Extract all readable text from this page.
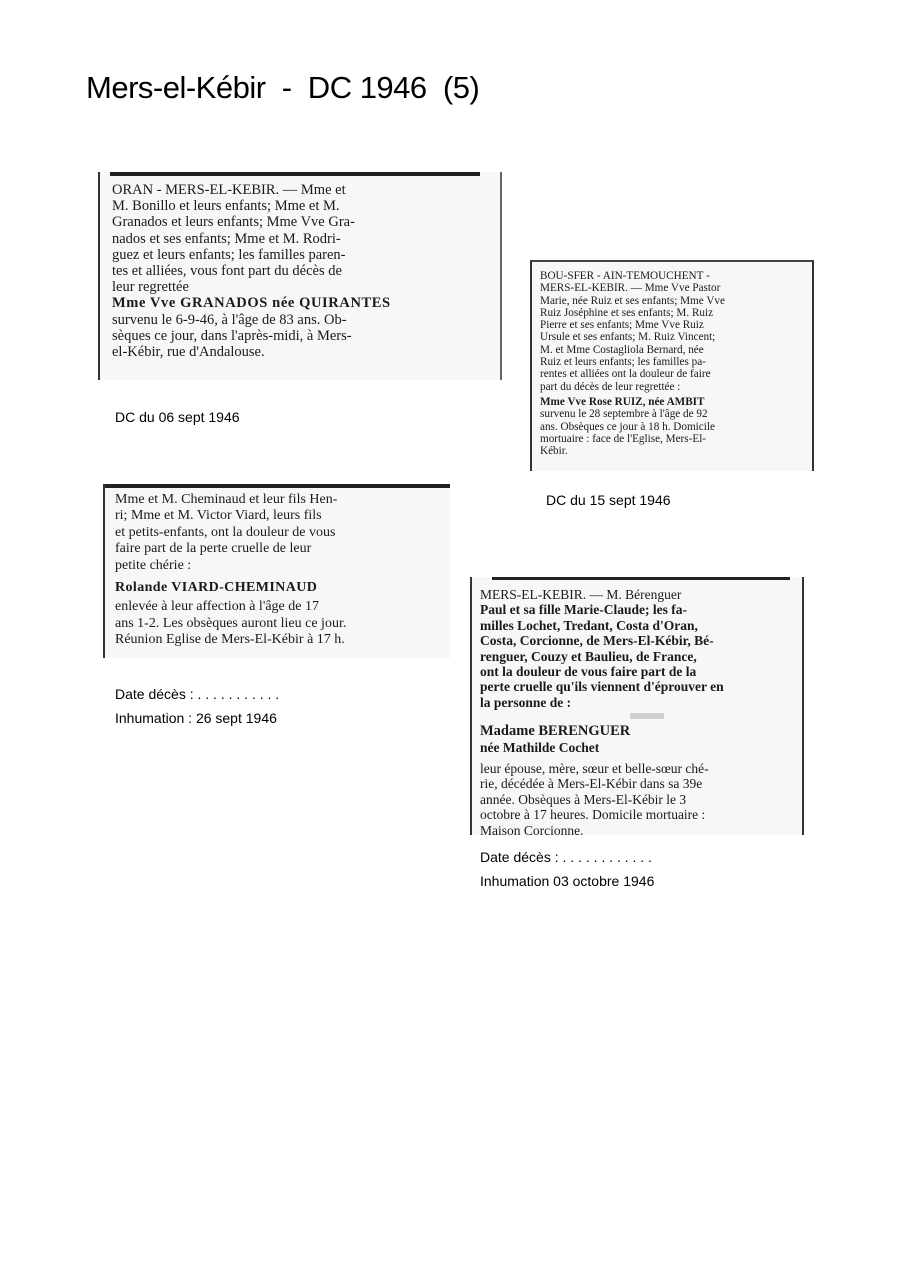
Mers-el-Kébir  -  DC 1946  (5)
ORAN - MERS-EL-KEBIR. — Mme et
M. Bonillo et leurs enfants; Mme et M.
Granados et leurs enfants; Mme Vve Gra-
nados et ses enfants; Mme et M. Rodri-
guez et leurs enfants; les familles paren-
tes et alliées, vous font part du décès de
leur regrettée
Mme Vve GRANADOS née QUIRANTES
survenu le 6-9-46, à l'âge de 83 ans. Ob-
sèques ce jour, dans l'après-midi, à Mers-
el-Kébir, rue d'Andalouse.
DC du 06 sept 1946
BOU-SFER - AIN-TEMOUCHENT -
MERS-EL-KEBIR. — Mme Vve Pastor
Marie, née Ruiz et ses enfants; Mme Vve
Ruiz Joséphine et ses enfants; M. Ruiz
Pierre et ses enfants; Mme Vve Ruiz
Ursule et ses enfants; M. Ruiz Vincent;
M. et Mme Costagliola Bernard, née
Ruiz et leurs enfants; les familles pa-
rentes et alliées ont la douleur de faire
part du décès de leur regrettée :
Mme Vve Rose RUIZ, née AMBIT
survenu le 28 septembre à l'âge de 92
ans. Obsèques ce jour à 18 h. Domicile
mortuaire : face de l'Eglise, Mers-El-
Kébir.
DC du 15 sept 1946
Mme et M. Cheminaud et leur fils Hen-
ri; Mme et M. Victor Viard, leurs fils
et petits-enfants, ont la douleur de vous
faire part de la perte cruelle de leur
petite chérie :
Rolande VIARD-CHEMINAUD
enlevée à leur affection à l'âge de 17
ans 1-2. Les obsèques auront lieu ce jour.
Réunion Eglise de Mers-El-Kébir à 17 h.
Date décès : . . . . . . . . . . .
Inhumation : 26 sept 1946
MERS-EL-KEBIR. — M. Bérenguer
Paul et sa fille Marie-Claude; les fa-
milles Lochet, Tredant, Costa d'Oran,
Costa, Corcionne, de Mers-El-Kébir, Bé-
renguer, Couzy et Baulieu, de France,
ont la douleur de vous faire part de la
perte cruelle qu'ils viennent d'éprouver en
la personne de :
Madame BERENGUER
née Mathilde Cochet
leur épouse, mère, sœur et belle-sœur ché-
rie, décédée à Mers-El-Kébir dans sa 39e
année. Obsèques à Mers-El-Kébir le 3
octobre à 17 heures. Domicile mortuaire :
Maison Corcionne.
Date décès : . . . . . . . . . . . .
Inhumation 03 octobre 1946
